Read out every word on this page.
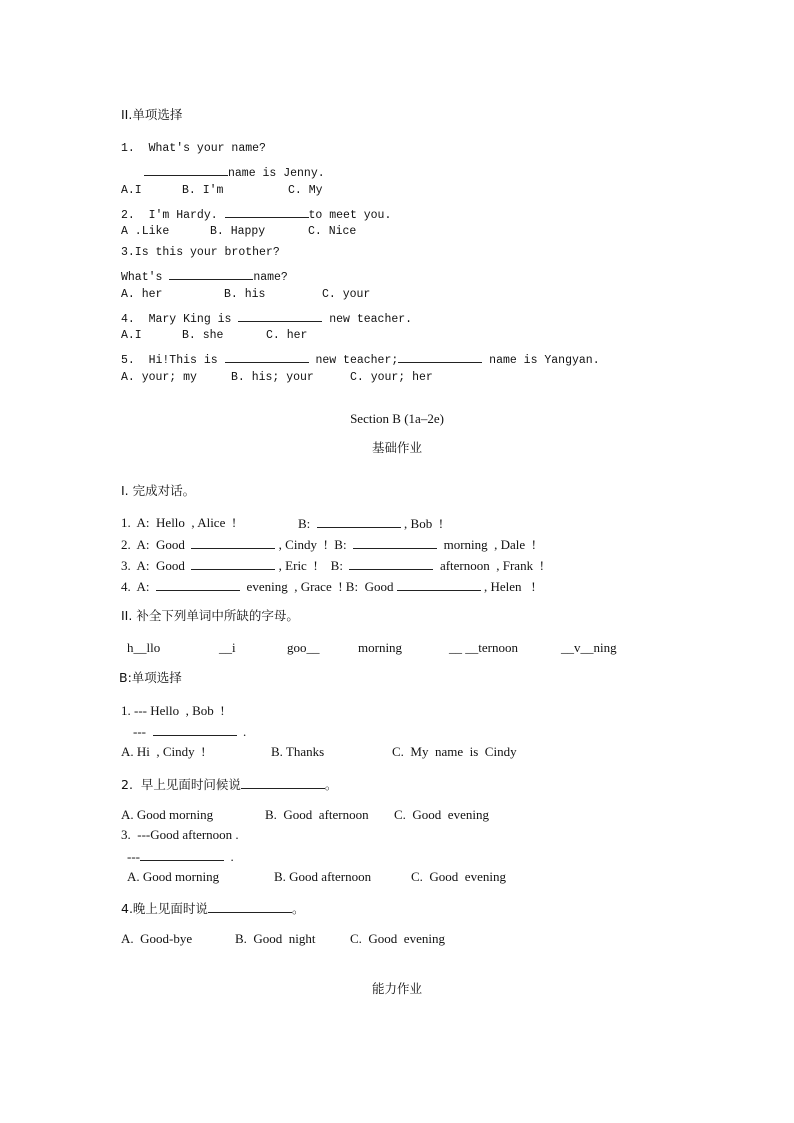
II.单项选择
1.  What's your name?
name is Jenny.
A.I	B. I'm	C. My
2.  I'm Hardy.	to meet you.
A .Like	B. Happy	C. Nice
3.Is this your brother?
What's	name?
A. her	B. his	C. your
4.  Mary King is	new teacher.
A.I	B. she	C. her
5.  Hi!This is	new teacher;	name is Yangyan.
A. your; my	B. his; your	C. your; her
Section B (1a–2e)
基础作业
I. 完成对话。
1.  A:  Hello  , Alice  !	B:	, Bob  !
2.  A:  Good	, Cindy  !  B:	morning  , Dale  !
3.  A:  Good	, Eric  !    B:	afternoon  , Frank  !
4.  A:	evening  , Grace  ! B:  Good	, Helen   !
II. 补全下列单词中所缺的字母。
h__llo	__i	goo__	morning	__ __ternoon	__v__ning
B:单项选择
1. --- Hello  , Bob  !
---	.
A. Hi  , Cindy  !	B. Thanks	C.  My  name  is  Cindy
2.  早上见面时问候说	。
A. Good morning	B.  Good  afternoon C.  Good  evening
3.  ---Good afternoon .
---	.
A. Good morning	B. Good afternoon	C.  Good  evening
4.晚上见面时说	。
A.  Good-bye	B.  Good  night	C.  Good  evening
能力作业
